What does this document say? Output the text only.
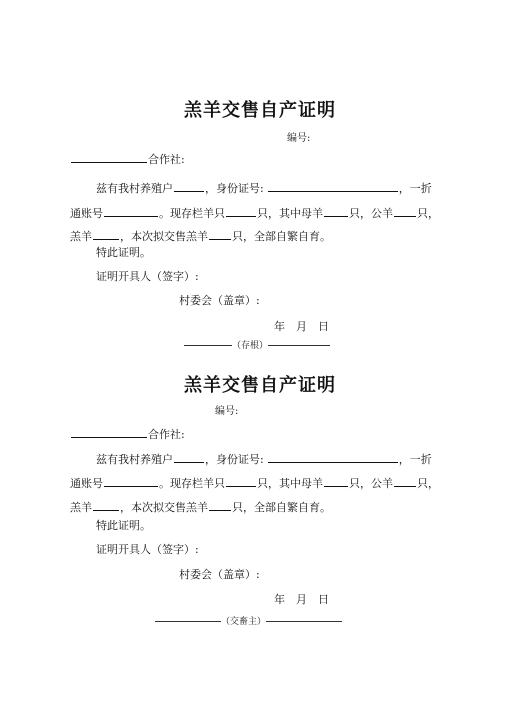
羔羊交售自产证明
编号:
合作社:
兹有我村养殖户	，身份证号:	，一折
通账号	。现存栏羊只	只，其中母羊 只，公羊 只，
羔羊	，本次拟交售羔羊 只，全部自繁自育。
特此证明。
证明开具人（签字）:
村委会（盖章）:
年　月　日
（存根）
羔羊交售自产证明
编号:
合作社:
兹有我村养殖户	，身份证号:	，一折
通账号	。现存栏羊只	只，其中母羊 只，公羊 只，
羔羊	，本次拟交售羔羊 只，全部自繁自育。
特此证明。
证明开具人（签字）:
村委会（盖章）:
年　月　日
（交畜主）
